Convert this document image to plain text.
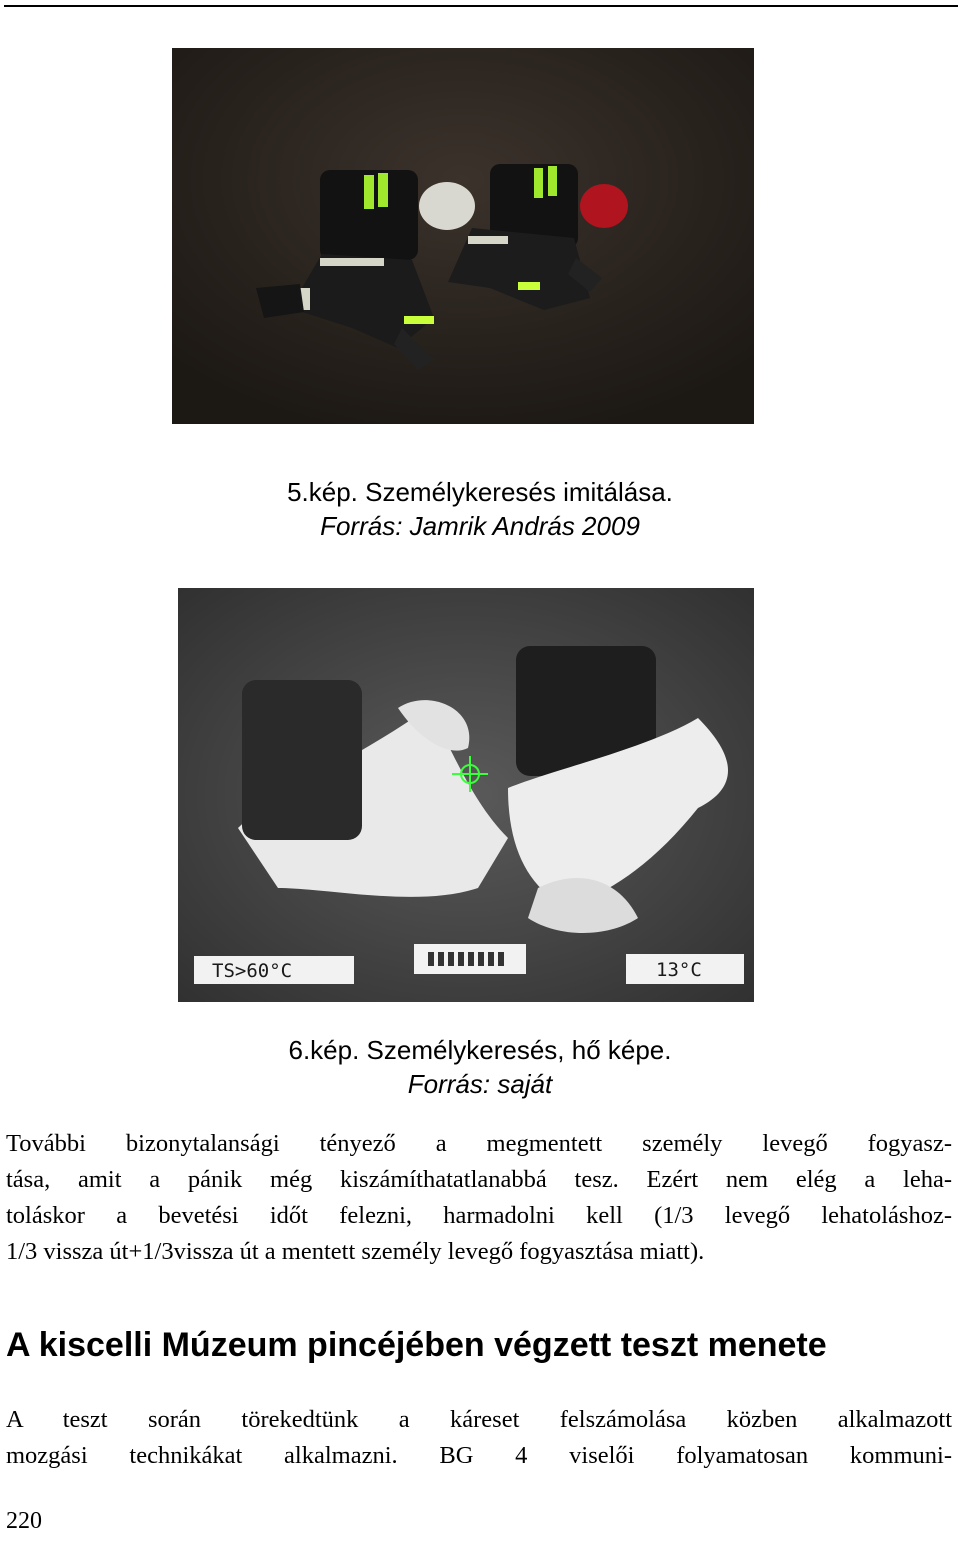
5.kép. Személykeresés imitálása.
Forrás: Jamrik András 2009
TS>60°C	13°C
6.kép. Személykeresés, hő képe.
Forrás: saját
További bizonytalansági tényező a megmentett személy levegő fogyasz-
tása, amit a pánik még kiszámíthatatlanabbá tesz. Ezért nem elég a leha-
toláskor a bevetési időt felezni, harmadolni kell (1/3 levegő lehatoláshoz-
1/3 vissza út+1/3vissza út a mentett személy levegő fogyasztása miatt).
A kiscelli Múzeum pincéjében végzett teszt menete
A teszt során törekedtünk a káreset felszámolása közben alkalmazott
mozgási technikákat alkalmazni. BG 4 viselői folyamatosan kommuni-
220
